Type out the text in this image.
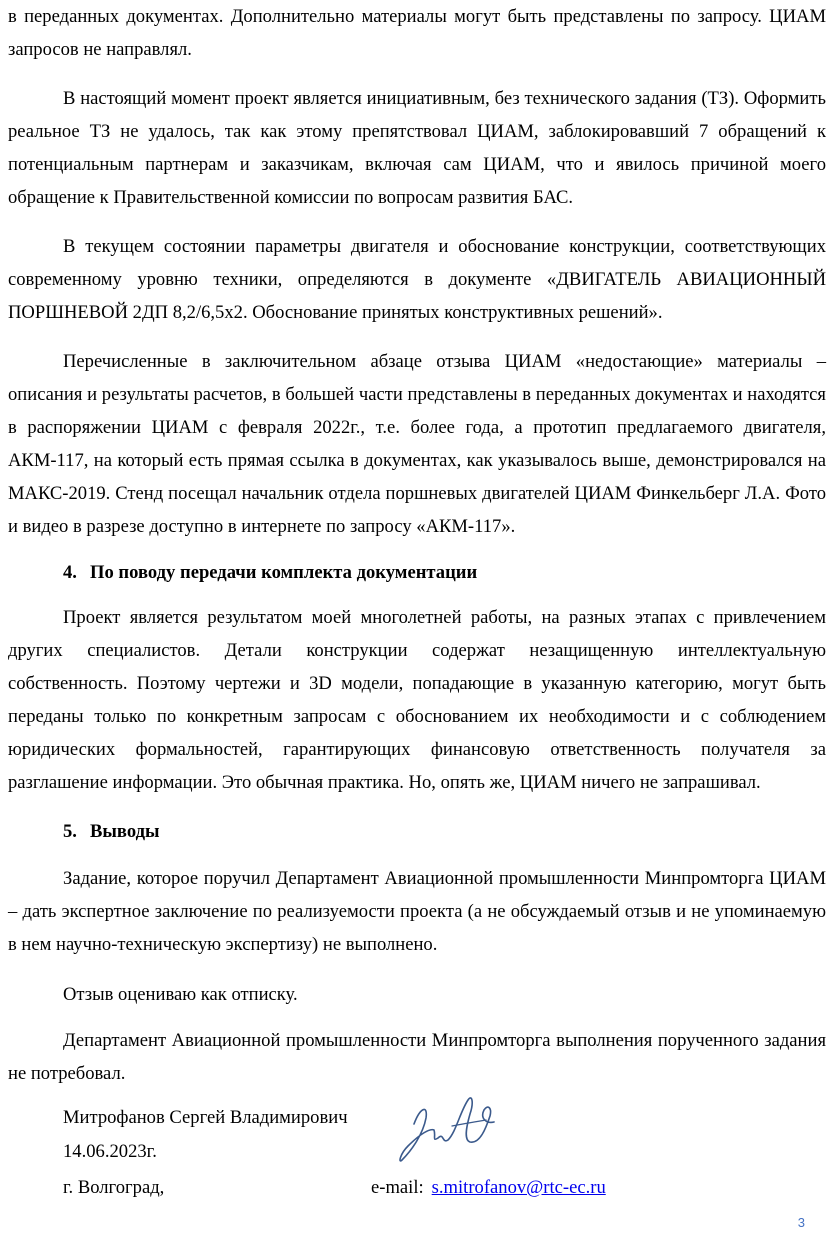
в переданных документах. Дополнительно материалы могут быть представлены по запросу. ЦИАМ запросов не направлял.

В настоящий момент проект является инициативным, без технического задания (ТЗ). Оформить реальное ТЗ не удалось, так как этому препятствовал ЦИАМ, заблокировавший 7 обращений к потенциальным партнерам и заказчикам, включая сам ЦИАМ, что и явилось причиной моего обращение к Правительственной комиссии по вопросам развития БАС.

В текущем состоянии параметры двигателя и обоснование конструкции, соответствующих современному уровню техники, определяются в документе «ДВИГАТЕЛЬ АВИАЦИОННЫЙ ПОРШНЕВОЙ 2ДП 8,2/6,5x2. Обоснование принятых конструктивных решений».

Перечисленные в заключительном абзаце отзыва ЦИАМ «недостающие» материалы – описания и результаты расчетов, в большей части представлены в переданных документах и находятся в распоряжении ЦИАМ с февраля 2022г., т.е. более года, а прототип предлагаемого двигателя, АКМ-117, на который есть прямая ссылка в документах, как указывалось выше, демонстрировался на МАКС-2019. Стенд посещал начальник отдела поршневых двигателей ЦИАМ Финкельберг Л.А. Фото и видео в разрезе доступно в интернете по запросу «АКМ-117».

4. По поводу передачи комплекта документации

Проект является результатом моей многолетней работы, на разных этапах с привлечением других специалистов. Детали конструкции содержат незащищенную интеллектуальную собственность. Поэтому чертежи и 3D модели, попадающие в указанную категорию, могут быть переданы только по конкретным запросам с обоснованием их необходимости и с соблюдением юридических формальностей, гарантирующих финансовую ответственность получателя за разглашение информации. Это обычная практика. Но, опять же, ЦИАМ ничего не запрашивал.

5. Выводы

Задание, которое поручил Департамент Авиационной промышленности Минпромторга ЦИАМ – дать экспертное заключение по реализуемости проекта (а не обсуждаемый отзыв и не упоминаемую в нем научно-техническую экспертизу) не выполнено.

Отзыв оцениваю как отписку.

Департамент Авиационной промышленности Минпромторга выполнения порученного задания не потребовал.

Митрофанов Сергей Владимирович

14.06.2023г.

г. Волгоград,	e-mail: s.mitrofanov@rtc-ec.ru

3
